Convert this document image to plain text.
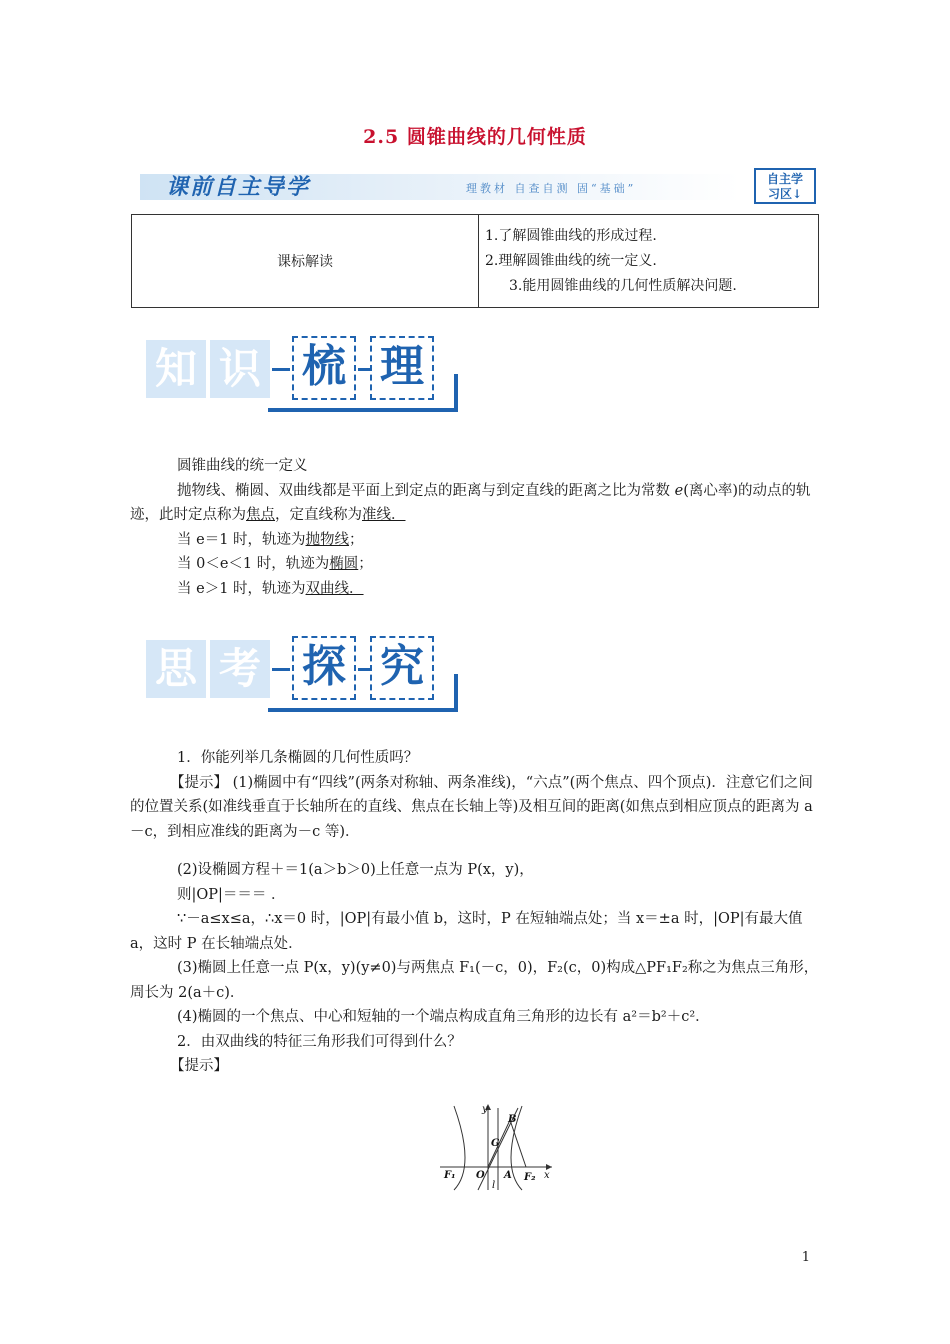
2.5 圆锥曲线的几何性质
课前自主导学	理教材 自查自测 固“基础”
自主学
习区↓
课标解读	
1.了解圆锥曲线的形成过程.
2.理解圆锥曲线的统一定义.
3.能用圆锥曲线的几何性质解决问题.
知 识 梳 理
圆锥曲线的统一定义
抛物线、椭圆、双曲线都是平面上到定点的距离与到定直线的距离之比为常数 e(离心率)的动点的轨迹，此时定点称为焦点，定直线称为准线．
当 e＝1 时，轨迹为抛物线；
当 0＜e＜1 时，轨迹为椭圆；
当 e＞1 时，轨迹为双曲线．
思 考 探 究
1．你能列举几条椭圆的几何性质吗？
【提示】 (1)椭圆中有“四线”(两条对称轴、两条准线)，“六点”(两个焦点、四个顶点)．注意它们之间的位置关系(如准线垂直于长轴所在的直线、焦点在长轴上等)及相互间的距离(如焦点到相应顶点的距离为 a－c，到相应准线的距离为－c 等)．
(2)设椭圆方程＋＝1(a＞b＞0)上任意一点为 P(x，y)，
则|OP|＝＝＝ ．
∵－a≤x≤a，∴x＝0 时，|OP|有最小值 b，这时，P 在短轴端点处；当 x＝±a 时，|OP|有最大值 a，这时 P 在长轴端点处．
(3)椭圆上任意一点 P(x，y)(y≠0)与两焦点 F₁(－c，0)，F₂(c，0)构成△PF₁F₂称之为焦点三角形，周长为 2(a＋c)．
(4)椭圆的一个焦点、中心和短轴的一个端点构成直角三角形的边长有 a²＝b²＋c²．
2．由双曲线的特征三角形我们可得到什么？
【提示】
y
x
B
G
O A
F₁	F₂
l
1
